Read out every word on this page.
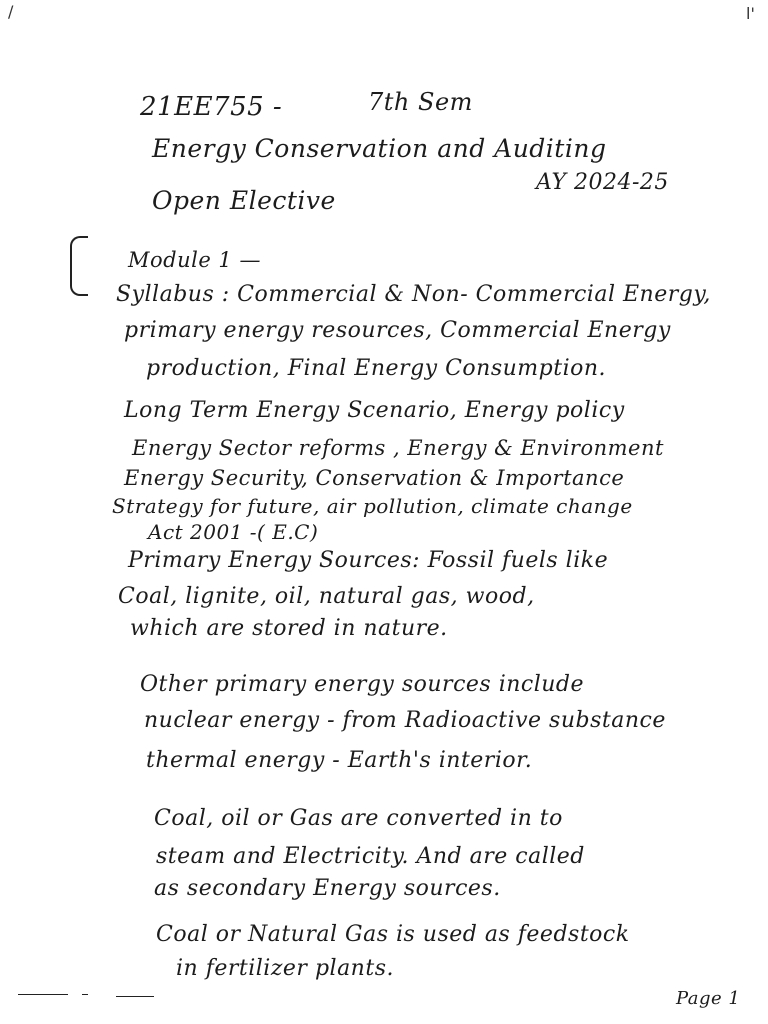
/	l'
21EE755 -	7th Sem
Energy Conservation and Auditing
Open Elective
AY 2024-25
Module 1 —
Syllabus : Commercial & Non- Commercial Energy,
primary energy resources, Commercial Energy
production, Final Energy Consumption.
Long Term Energy Scenario, Energy policy
Energy Sector reforms , Energy & Environment
Energy Security, Conservation & Importance
Strategy for future, air pollution, climate change
Act 2001 -( E.C)
Primary Energy Sources: Fossil fuels like
Coal, lignite, oil, natural gas, wood,
which are stored in nature.
Other primary energy sources include
nuclear energy - from Radioactive substance
thermal energy - Earth's interior.
Coal, oil or Gas are converted in to
steam and Electricity. And are called
as secondary Energy sources.
Coal or Natural Gas is used as feedstock
in fertilizer plants.
Page 1
